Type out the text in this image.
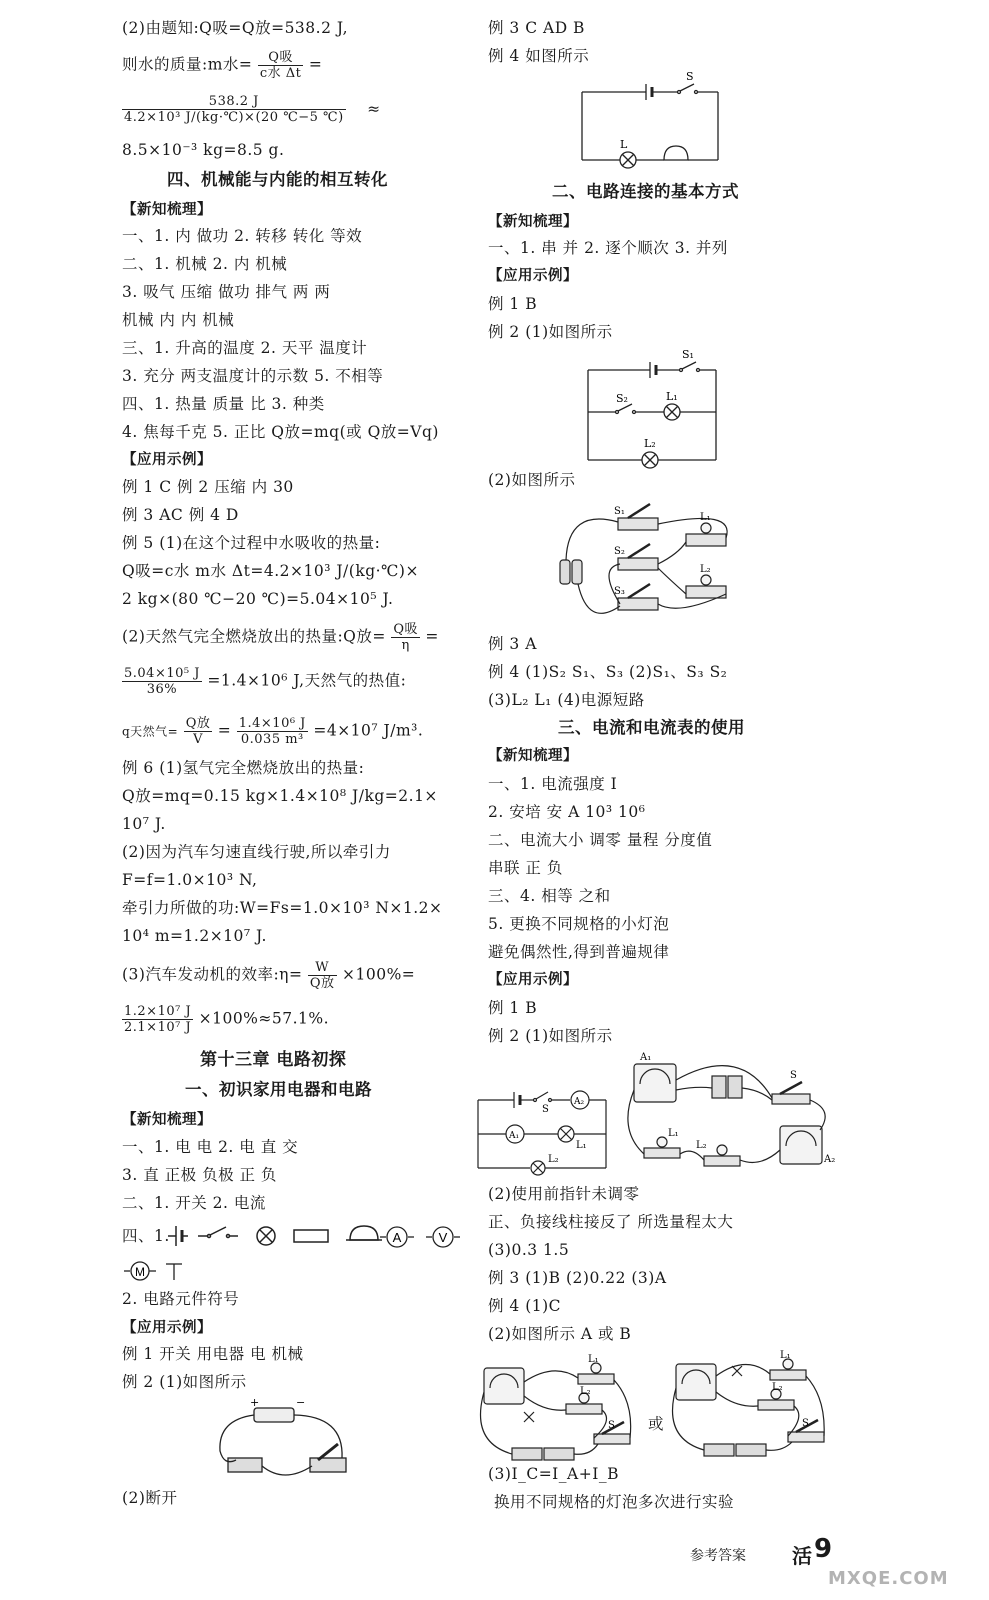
(2)由题知:Q吸=Q放=538.2 J,
则水的质量:m水= $\frac{\text{Q吸}}{\text{c水 Δt}}$ =
$\frac{538.2 J}{\text{4.2×10³ J/(kg·℃)×(20 ℃−5 ℃)}}$ ≈
8.5×10⁻³ kg=8.5 g.
四、机械能与内能的相互转化
【新知梳理】
一、1. 内 做功 2. 转移 转化 等效
二、1. 机械 2. 内 机械
3. 吸气 压缩 做功 排气 两 两
机械 内 内 机械
三、1. 升高的温度 2. 天平 温度计
3. 充分 两支温度计的示数 5. 不相等
四、1. 热量 质量 比 3. 种类
4. 焦每千克 5. 正比 Q放=mq(或 Q放=Vq)
【应用示例】
例 1 C 例 2 压缩 内 30
例 3 AC 例 4 D
例 5 (1)在这个过程中水吸收的热量:
Q吸=c水 m水 Δt=4.2×10³ J/(kg·℃)×
2 kg×(80 ℃−20 ℃)=5.04×10⁵ J.
(2)天然气完全燃烧放出的热量:Q放= $\frac{\text{Q吸}}{\eta}$ =
$\frac{\text{5.04×10⁵ J}}{36\%} =1.4\times 10^6$ J,天然气的热值:
q天然气= $\frac{\text{Q放}}{V} = \frac{\text{1.4×10⁶ J}}{\text{0.035 m³}} =4\times 10^7$ J/m³.
例 6 (1)氢气完全燃烧放出的热量:
Q放=mq=0.15 kg×1.4×10⁸ J/kg=2.1×
10⁷ J.
(2)因为汽车匀速直线行驶,所以牵引力
F=f=1.0×10³ N,
牵引力所做的功:W=Fs=1.0×10³ N×1.2×
10⁴ m=1.2×10⁷ J.
(3)汽车发动机的效率:η= $\frac{W}{\text{Q放}} \times 100\%=$
$\frac{\text{1.2×10⁷ J}}{\text{2.1×10⁷ J}} \times 100\%\approx 57.1\%$.
第十三章 电路初探
一、初识家用电器和电路
【新知梳理】
一、1. 电 电 2. 电 直 交
3. 直 正极 负极 正 负
二、1. 开关 2. 电流
四、1.	A	V
M
2. 电路元件符号
【应用示例】
例 1 开关 用电器 电 机械
例 2 (1)如图所示
+	−
(2)断开
例 3 C AD B
例 4 如图所示
S
L
二、电路连接的基本方式
【新知梳理】
一、1. 串 并 2. 逐个顺次 3. 并列
【应用示例】
例 1 B
例 2 (1)如图所示
S₁
S₂	L₁
L₂
(2)如图所示
S₁
S₂
S₃
L₁
L₂
例 3 A
例 4 (1)S₂ S₁、S₃ (2)S₁、S₃ S₂
(3)L₂ L₁ (4)电源短路
三、电流和电流表的使用
【新知梳理】
一、1. 电流强度 I
2. 安培 安 A 10³ 10⁶
二、电流大小 调零 量程 分度值
串联 正 负
三、4. 相等 之和
5. 更换不同规格的小灯泡
避免偶然性,得到普遍规律
【应用示例】
例 1 B
例 2 (1)如图所示
S
A₂
A₁
L₁
L₂
A₁
S
L₁
L₂
A₂
(2)使用前指针未调零
正、负接线柱接反了 所选量程太大
(3)0.3 1.5
例 3 (1)B (2)0.22 (3)A
例 4 (1)C
(2)如图所示 A 或 B
L₁
L₂
S 或
L₁
L₂
S
(3)I_C=I_A+I_B
换用不同规格的灯泡多次进行实验
参考答案 活 9
MXQE.COM
